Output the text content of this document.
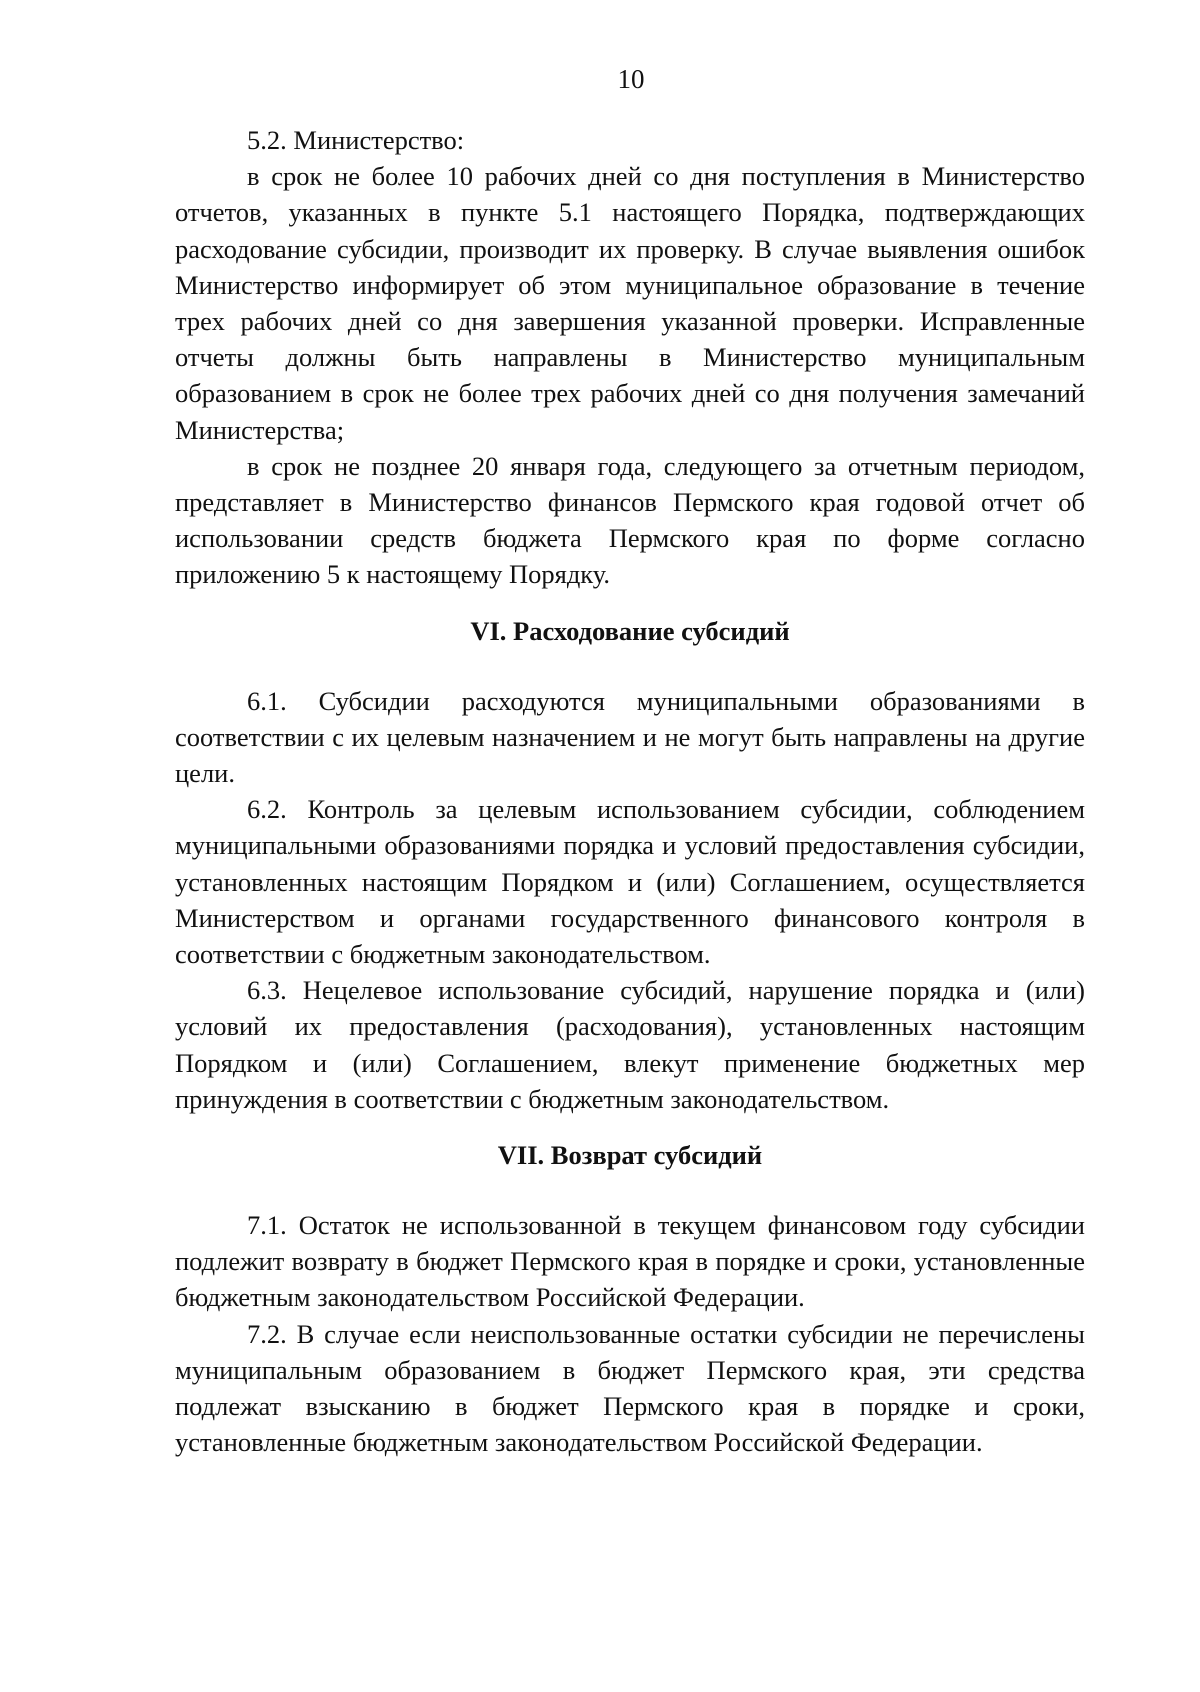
10

5.2. Министерство:

в срок не более 10 рабочих дней со дня поступления в Министерство отчетов, указанных в пункте 5.1 настоящего Порядка, подтверждающих расходование субсидии, производит их проверку. В случае выявления ошибок Министерство информирует об этом муниципальное образование в течение трех рабочих дней со дня завершения указанной проверки. Исправленные отчеты должны быть направлены в Министерство муниципальным образованием в срок не более трех рабочих дней со дня получения замечаний Министерства;

в срок не позднее 20 января года, следующего за отчетным периодом, представляет в Министерство финансов Пермского края годовой отчет об использовании средств бюджета Пермского края по форме согласно приложению 5 к настоящему Порядку.

VI. Расходование субсидий

6.1. Субсидии расходуются муниципальными образованиями в соответствии с их целевым назначением и не могут быть направлены на другие цели.

6.2. Контроль за целевым использованием субсидии, соблюдением муниципальными образованиями порядка и условий предоставления субсидии, установленных настоящим Порядком и (или) Соглашением, осуществляется Министерством и органами государственного финансового контроля в соответствии с бюджетным законодательством.

6.3. Нецелевое использование субсидий, нарушение порядка и (или) условий их предоставления (расходования), установленных настоящим Порядком и (или) Соглашением, влекут применение бюджетных мер принуждения в соответствии с бюджетным законодательством.

VII. Возврат субсидий

7.1. Остаток не использованной в текущем финансовом году субсидии подлежит возврату в бюджет Пермского края в порядке и сроки, установленные бюджетным законодательством Российской Федерации.

7.2. В случае если неиспользованные остатки субсидии не перечислены муниципальным образованием в бюджет Пермского края, эти средства подлежат взысканию в бюджет Пермского края в порядке и сроки, установленные бюджетным законодательством Российской Федерации.
